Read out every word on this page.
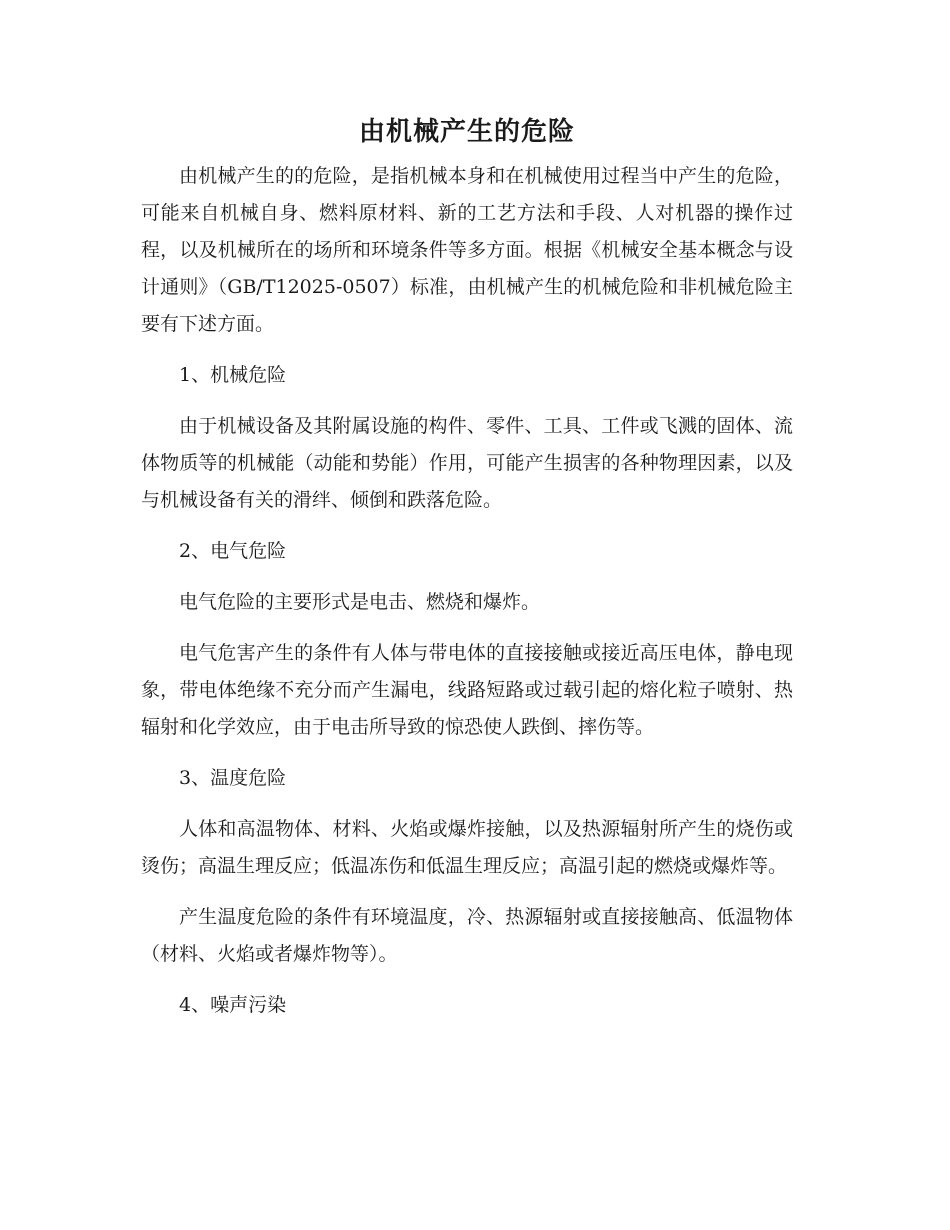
由机械产生的危险

由机械产生的的危险，是指机械本身和在机械使用过程当中产生的危险，可能来自机械自身、燃料原材料、新的工艺方法和手段、人对机器的操作过程，以及机械所在的场所和环境条件等多方面。根据《机械安全基本概念与设计通则》（GB/T12025-0507）标准，由机械产生的机械危险和非机械危险主要有下述方面。

1、机械危险

由于机械设备及其附属设施的构件、零件、工具、工件或飞溅的固体、流体物质等的机械能（动能和势能）作用，可能产生损害的各种物理因素，以及与机械设备有关的滑绊、倾倒和跌落危险。

2、电气危险

电气危险的主要形式是电击、燃烧和爆炸。

电气危害产生的条件有人体与带电体的直接接触或接近高压电体，静电现象，带电体绝缘不充分而产生漏电，线路短路或过载引起的熔化粒子喷射、热辐射和化学效应，由于电击所导致的惊恐使人跌倒、摔伤等。

3、温度危险

人体和高温物体、材料、火焰或爆炸接触，以及热源辐射所产生的烧伤或烫伤；高温生理反应；低温冻伤和低温生理反应；高温引起的燃烧或爆炸等。

产生温度危险的条件有环境温度，冷、热源辐射或直接接触高、低温物体（材料、火焰或者爆炸物等）。

4、噪声污染
